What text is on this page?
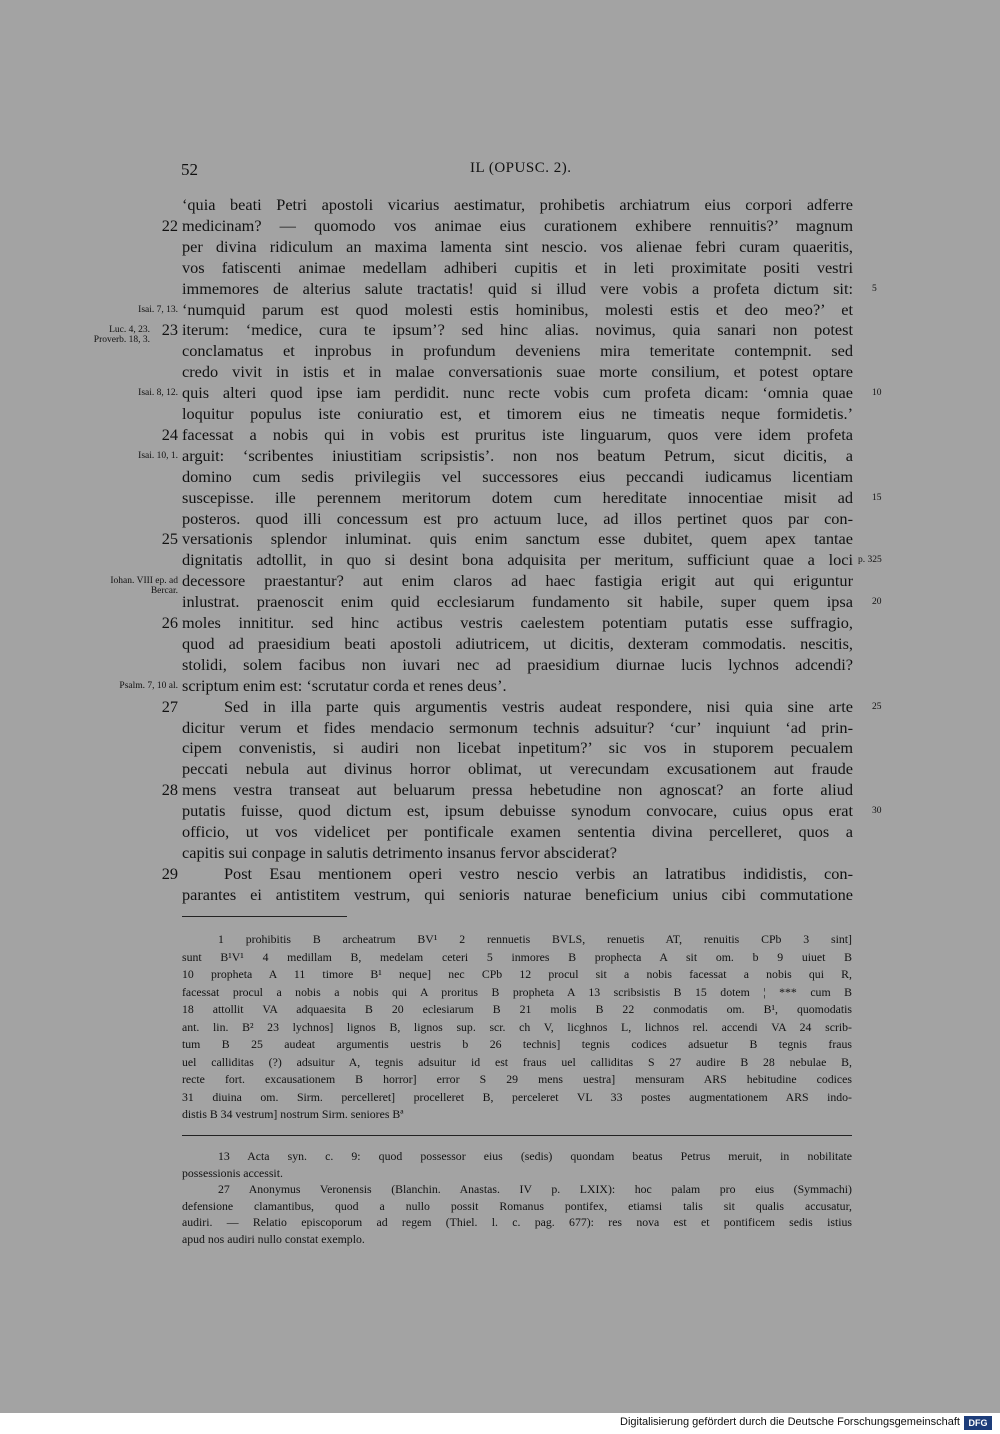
52	IL (OPUSC. 2).
‘quia beati Petri apostoli vicarius aestimatur, prohibetis archiatrum eius corpori adferre
medicinam? — quomodo vos animae eius curationem exhibere rennuitis?’ magnum
22
per divina ridiculum an maxima lamenta sint nescio. vos alienae febri curam quaeritis,
vos fatiscenti animae medellam adhiberi cupitis et in leti proximitate positi vestri
immemores de alterius salute tractatis! quid si illud vere vobis a profeta dictum sit: 5
‘numquid parum est quod molesti estis hominibus, molesti estis et deo meo?’ et
Isai. 7, 13.
iterum: ‘medice, cura te ipsum’? sed hinc alias. novimus, quia sanari non potest
23
Luc. 4, 23. Proverb. 18, 3.
conclamatus et inprobus in profundum deveniens mira temeritate contempnit. sed
credo vivit in istis et in malae conversationis suae morte consilium, et potest optare
quis alteri quod ipse iam perdidit. nunc recte vobis cum profeta dicam: ‘omnia quae
Isai. 8, 12.	10
loquitur populus iste coniuratio est, et timorem eius ne timeatis neque formidetis.’
facessat a nobis qui in vobis est pruritus iste linguarum, quos vere idem profeta
24
arguit: ‘scribentes iniustitiam scripsistis’. non nos beatum Petrum, sicut dicitis, a
Isai. 10, 1.
domino cum sedis privilegiis vel successores eius peccandi iudicamus licentiam
suscepisse. ille perennem meritorum dotem cum hereditate innocentiae misit ad 15
posteros. quod illi concessum est pro actuum luce, ad illos pertinet quos par con-
versationis splendor inluminat. quis enim sanctum esse dubitet, quem apex tantae
25
dignitatis adtollit, in quo si desint bona adquisita per meritum, sufficiunt quae a loci p. 325
decessore praestantur? aut enim claros ad haec fastigia erigit aut qui eriguntur
Iohan. VIII ep. ad Bercar.
inlustrat. praenoscit enim quid ecclesiarum fundamento sit habile, super quem ipsa 20
moles innititur. sed hinc actibus vestris caelestem potentiam putatis esse suffragio,
26
quod ad praesidium beati apostoli adiutricem, ut dicitis, dexteram commodatis. nescitis,
stolidi, solem facibus non iuvari nec ad praesidium diurnae lucis lychnos adcendi?
scriptum enim est: ‘scrutatur corda et renes deus’.
Psalm. 7, 10 al.
Sed in illa parte quis argumentis vestris audeat respondere, nisi quia sine arte
27	25
dicitur verum et fides mendacio sermonum technis adsuitur? ‘cur’ inquiunt ‘ad prin-
cipem convenistis, si audiri non licebat inpetitum?’ sic vos in stuporem pecualem
peccati nebula aut divinus horror oblimat, ut verecundam excusationem aut fraude
mens vestra transeat aut beluarum pressa hebetudine non agnoscat? an forte aliud
28
putatis fuisse, quod dictum est, ipsum debuisse synodum convocare, cuius opus erat 30
officio, ut vos videlicet per pontificale examen sententia divina percelleret, quos a
capitis sui conpage in salutis detrimento insanus fervor absciderat?
Post Esau mentionem operi vestro nescio verbis an latratibus indidistis, con-
29
parantes ei antistitem vestrum, qui senioris naturae beneficium unius cibi commutatione
1 prohibitis B archeatrum BV¹ 2 rennuetis BVLS, renuetis AT, renuitis CPb 3 sint]
sunt B¹V¹ 4 medillam B, medelam ceteri 5 inmores B prophecta A sit om. b 9 uiuet B
10 propheta A 11 timore B¹ neque] nec CPb 12 procul sit a nobis facessat a nobis qui R,
facessat procul a nobis a nobis qui A proritus B propheta A 13 scribsistis B 15 dotem ¦ *** cum B
18 attollit VA adquaesita B 20 eclesiarum B 21 molis B 22 conmodatis om. B¹, quomodatis
ant. lin. B² 23 lychnos] lignos B, lignos sup. scr. ch V, licghnos L, lichnos rel. accendi VA 24 scrib-
tum B 25 audeat argumentis uestris b 26 technis] tegnis codices adsuetur B tegnis fraus
uel calliditas (?) adsuitur A, tegnis adsuitur id est fraus uel calliditas S 27 audire B 28 nebulae B,
recte fort. excausationem B horror] error S 29 mens uestra] mensuram ARS hebitudine codices
31 diuina om. Sirm. percelleret] procelleret B, perceleret VL 33 postes augmentationem ARS indo-
distis B 34 vestrum] nostrum Sirm. seniores Bª
13 Acta syn. c. 9: quod possessor eius (sedis) quondam beatus Petrus meruit, in nobilitate
possessionis accessit.
27 Anonymus Veronensis (Blanchin. Anastas. IV p. LXIX): hoc palam pro eius (Symmachi)
defensione clamantibus, quod a nullo possit Romanus pontifex, etiamsi talis sit qualis accusatur,
audiri. — Relatio episcoporum ad regem (Thiel. l. c. pag. 677): res nova est et pontificem sedis istius
apud nos audiri nullo constat exemplo.
Digitalisierung gefördert durch die Deutsche Forschungsgemeinschaft DFG
